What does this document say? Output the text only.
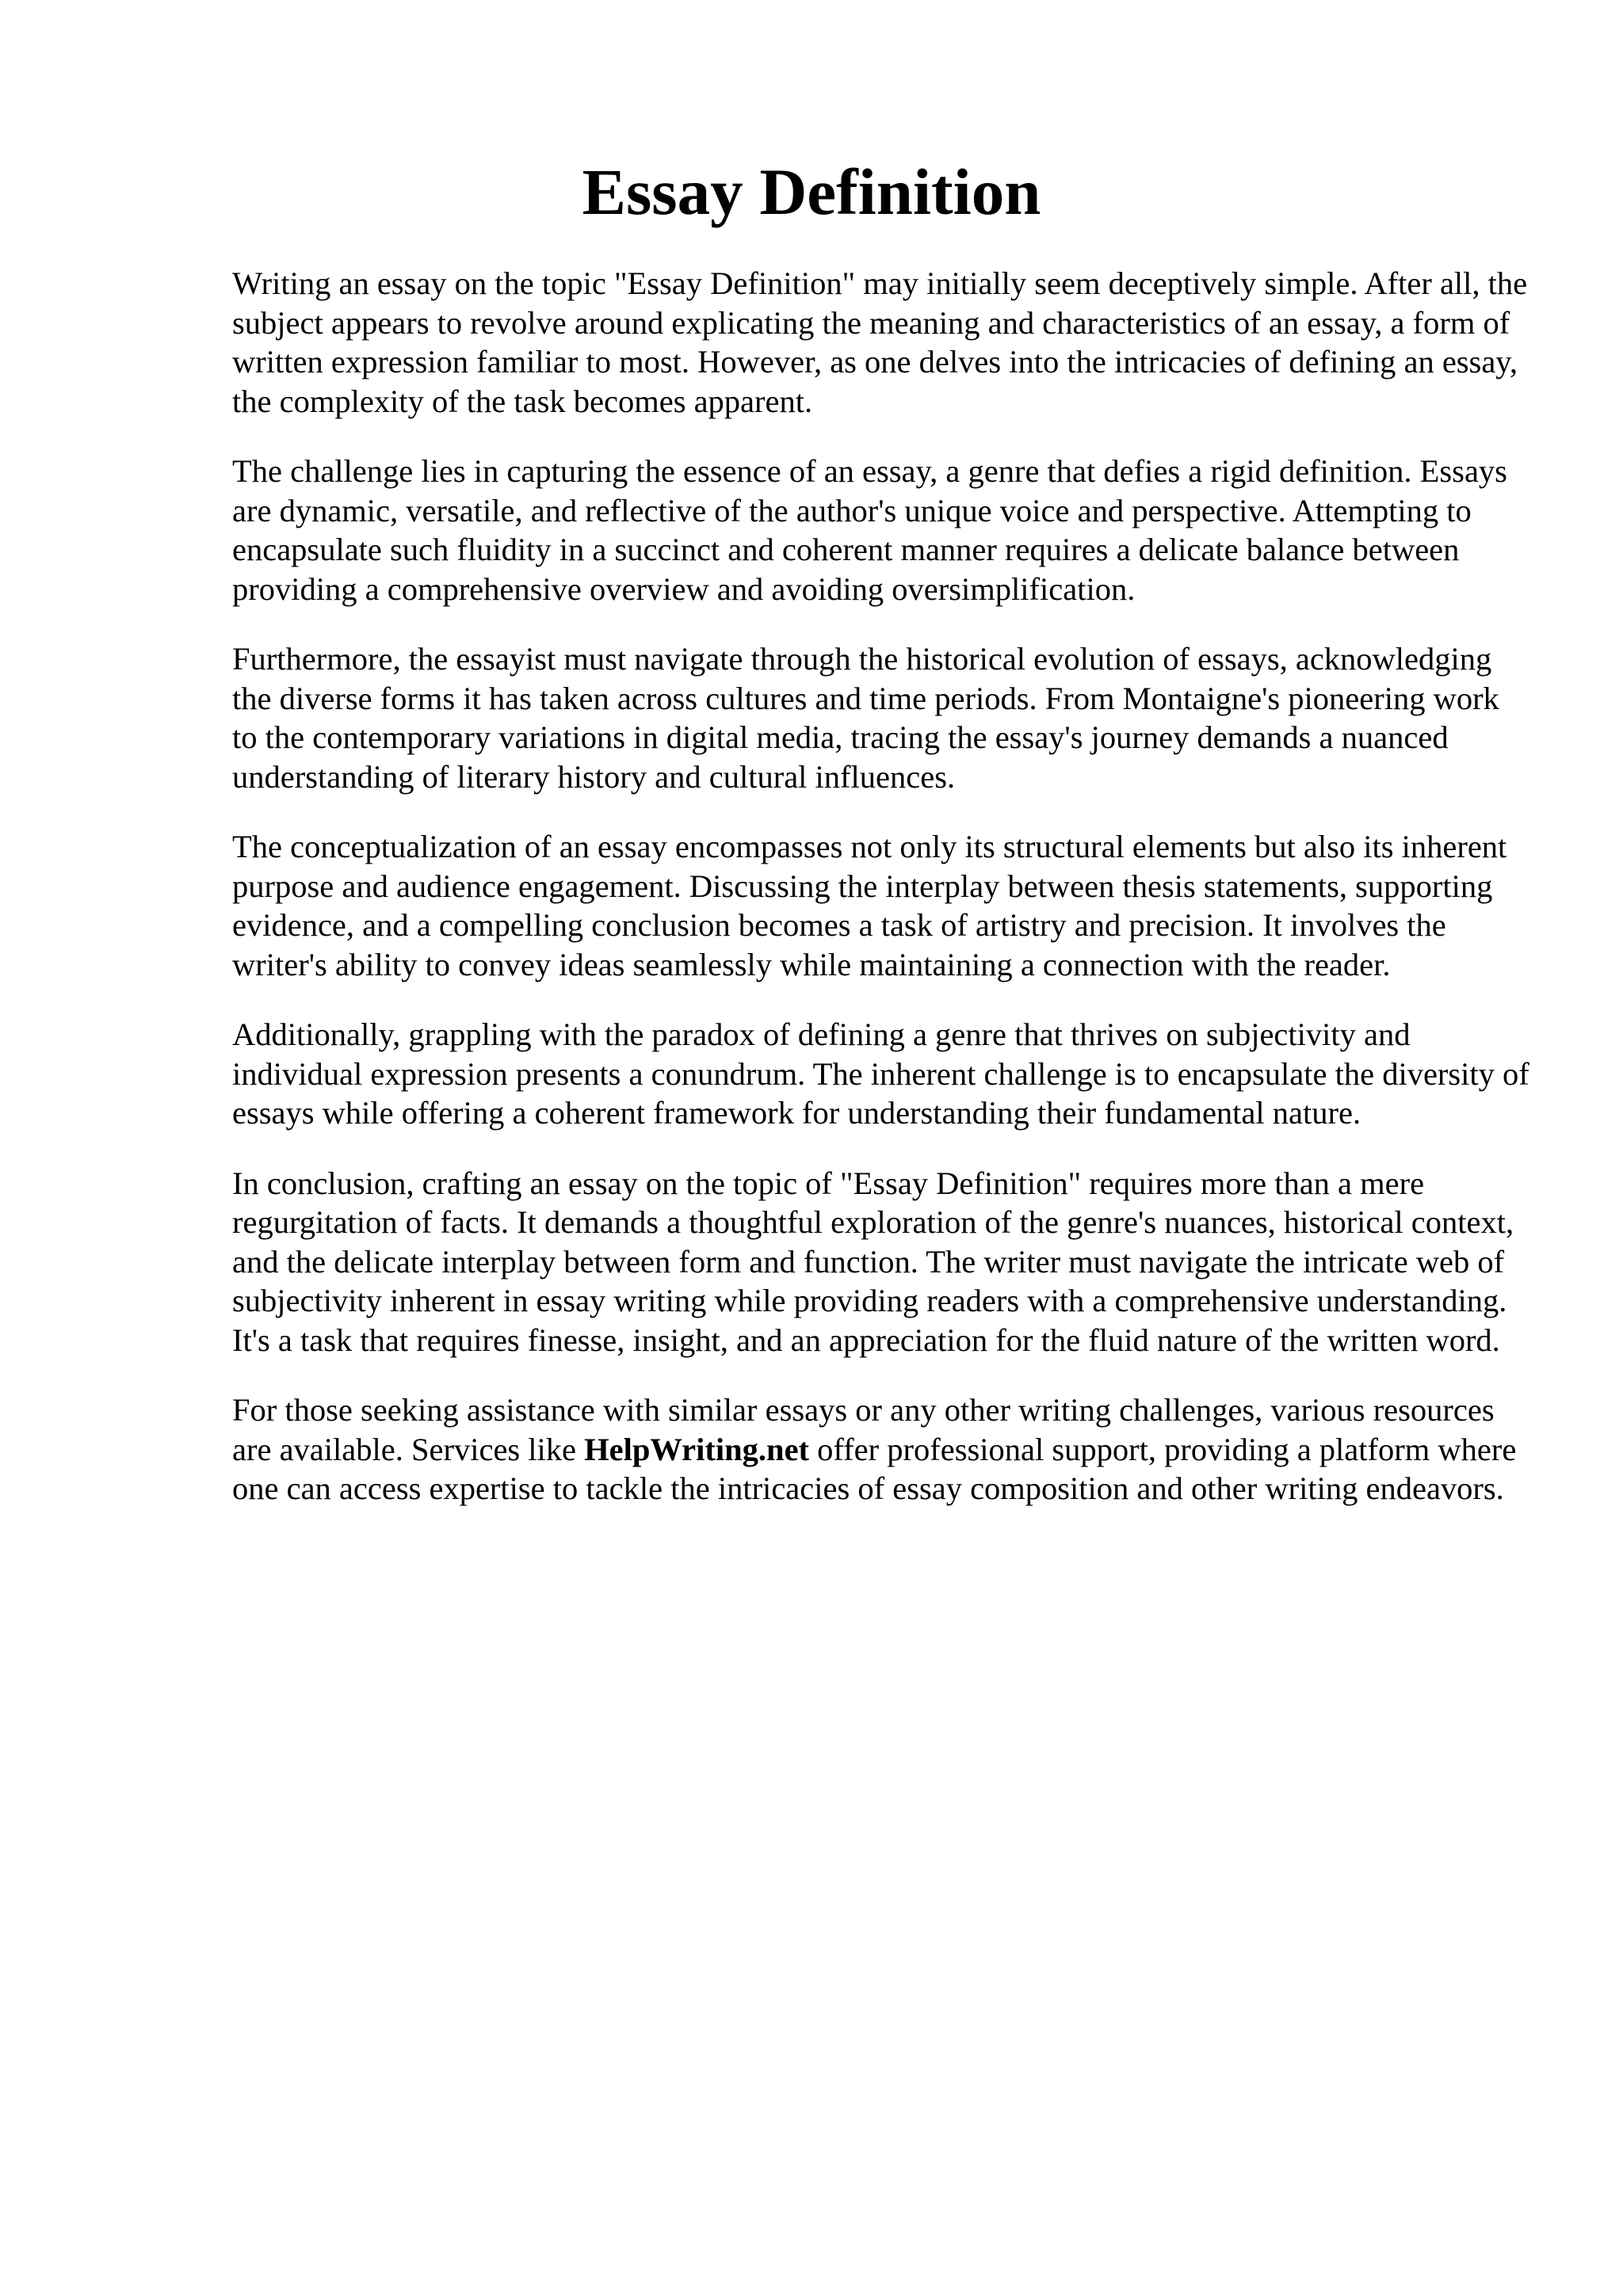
Essay Definition

Writing an essay on the topic "Essay Definition" may initially seem deceptively simple. After all, the subject appears to revolve around explicating the meaning and characteristics of an essay, a form of written expression familiar to most. However, as one delves into the intricacies of defining an essay, the complexity of the task becomes apparent.

The challenge lies in capturing the essence of an essay, a genre that defies a rigid definition. Essays are dynamic, versatile, and reflective of the author's unique voice and perspective. Attempting to encapsulate such fluidity in a succinct and coherent manner requires a delicate balance between providing a comprehensive overview and avoiding oversimplification.

Furthermore, the essayist must navigate through the historical evolution of essays, acknowledging the diverse forms it has taken across cultures and time periods. From Montaigne's pioneering work to the contemporary variations in digital media, tracing the essay's journey demands a nuanced understanding of literary history and cultural influences.

The conceptualization of an essay encompasses not only its structural elements but also its inherent purpose and audience engagement. Discussing the interplay between thesis statements, supporting evidence, and a compelling conclusion becomes a task of artistry and precision. It involves the writer's ability to convey ideas seamlessly while maintaining a connection with the reader.

Additionally, grappling with the paradox of defining a genre that thrives on subjectivity and individual expression presents a conundrum. The inherent challenge is to encapsulate the diversity of essays while offering a coherent framework for understanding their fundamental nature.

In conclusion, crafting an essay on the topic of "Essay Definition" requires more than a mere regurgitation of facts. It demands a thoughtful exploration of the genre's nuances, historical context, and the delicate interplay between form and function. The writer must navigate the intricate web of subjectivity inherent in essay writing while providing readers with a comprehensive understanding. It's a task that requires finesse, insight, and an appreciation for the fluid nature of the written word.

For those seeking assistance with similar essays or any other writing challenges, various resources are available. Services like HelpWriting.net offer professional support, providing a platform where one can access expertise to tackle the intricacies of essay composition and other writing endeavors.
